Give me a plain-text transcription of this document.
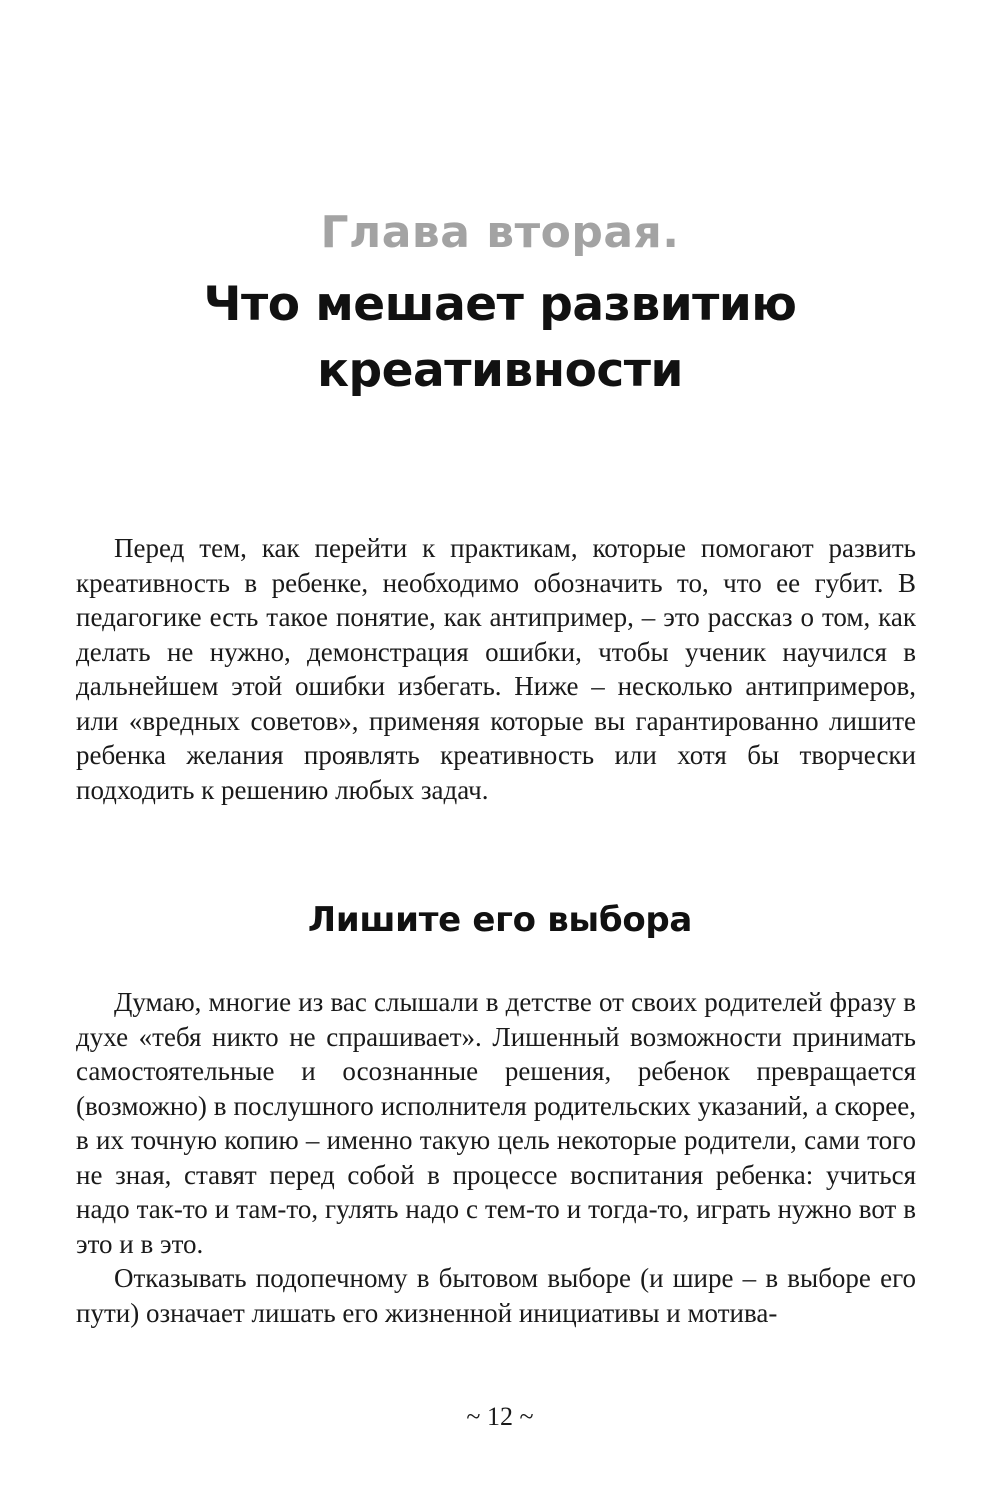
Глава вторая.
Что мешает развитию
креативности

Перед тем, как перейти к практикам, которые помогают развить креативность в ребенке, необходимо обозначить то, что ее губит. В педагогике есть такое понятие, как антипример, – это рассказ о том, как делать не нужно, демонстрация ошибки, чтобы ученик научился в дальнейшем этой ошибки избегать. Ниже – несколько антипримеров, или «вредных советов», применяя которые вы гарантированно лишите ребенка желания проявлять креативность или хотя бы творчески подходить к решению любых задач.

Лишите его выбора

Думаю, многие из вас слышали в детстве от своих родителей фразу в духе «тебя никто не спрашивает». Лишенный возможности принимать самостоятельные и осознанные решения, ребенок превращается (возможно) в послушного исполнителя родительских указаний, а скорее, в их точную копию – именно такую цель некоторые родители, сами того не зная, ставят перед собой в процессе воспитания ребенка: учиться надо так-то и там-то, гулять надо с тем-то и тогда-то, играть нужно вот в это и в это.

Отказывать подопечному в бытовом выборе (и шире – в выборе его пути) означает лишать его жизненной инициативы и мотива-

~ 12 ~
